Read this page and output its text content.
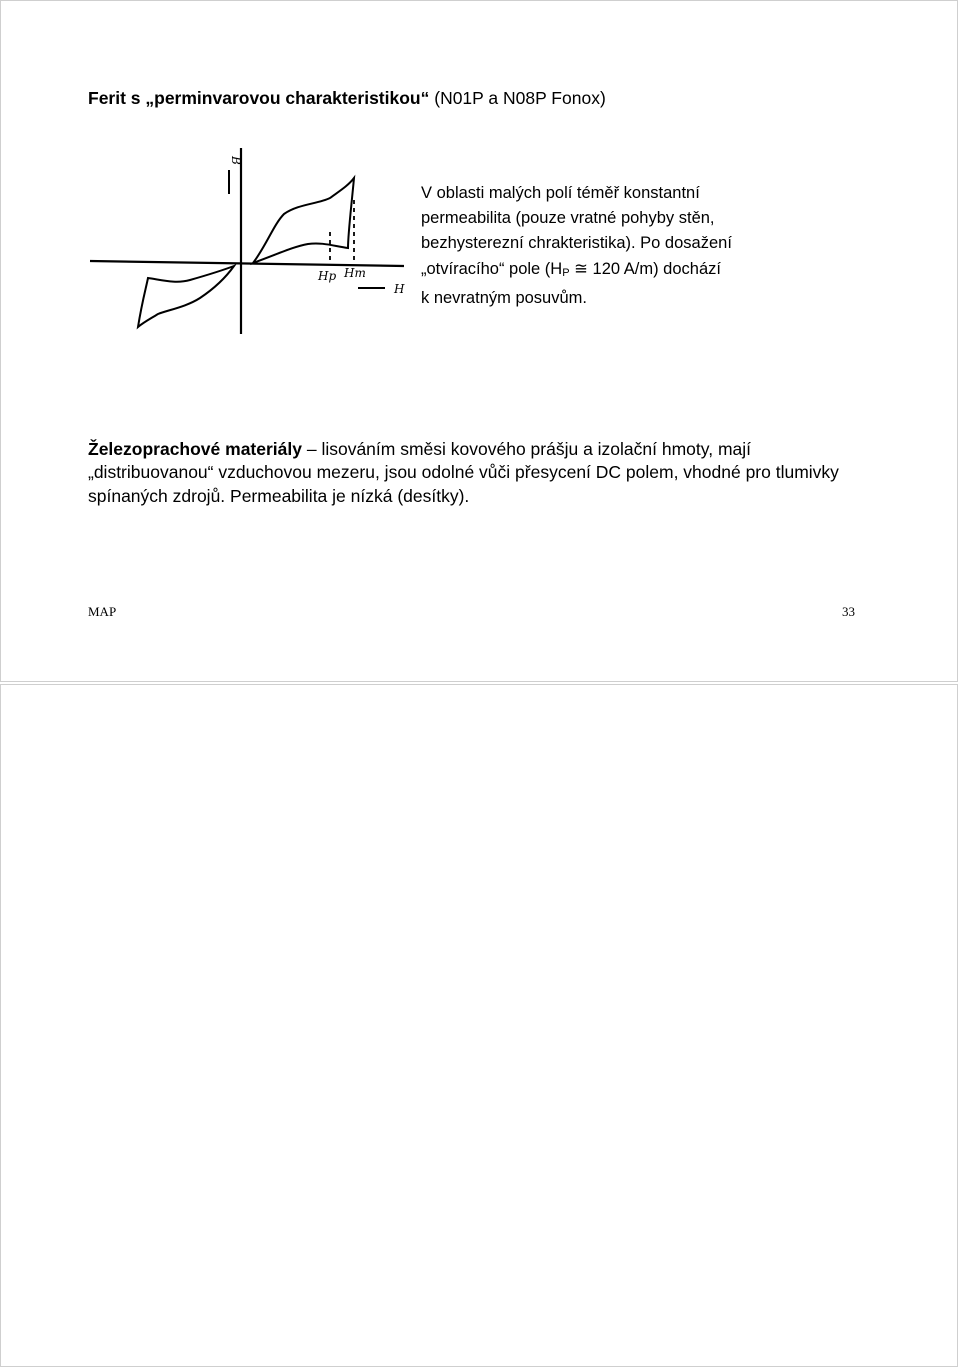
Ferit s „perminvarovou charakteristikou“ (N01P a N08P Fonox)
B
H
Hp Hm

V oblasti malých polí téměř konstantní

permeabilita (pouze vratné pohyby stěn,

bezhysterezní chrakteristika). Po dosažení

„otvíracího“ pole (HP ≅ 120 A/m) dochází

k nevratným posuvům.

Železoprachové materiály – lisováním směsi kovového prášju a izolační hmoty, mají „distribuovanou“ vzduchovou mezeru, jsou odolné vůči přesycení DC polem, vhodné pro tlumivky spínaných zdrojů. Permeabilita je nízká (desítky).
MAP	33
